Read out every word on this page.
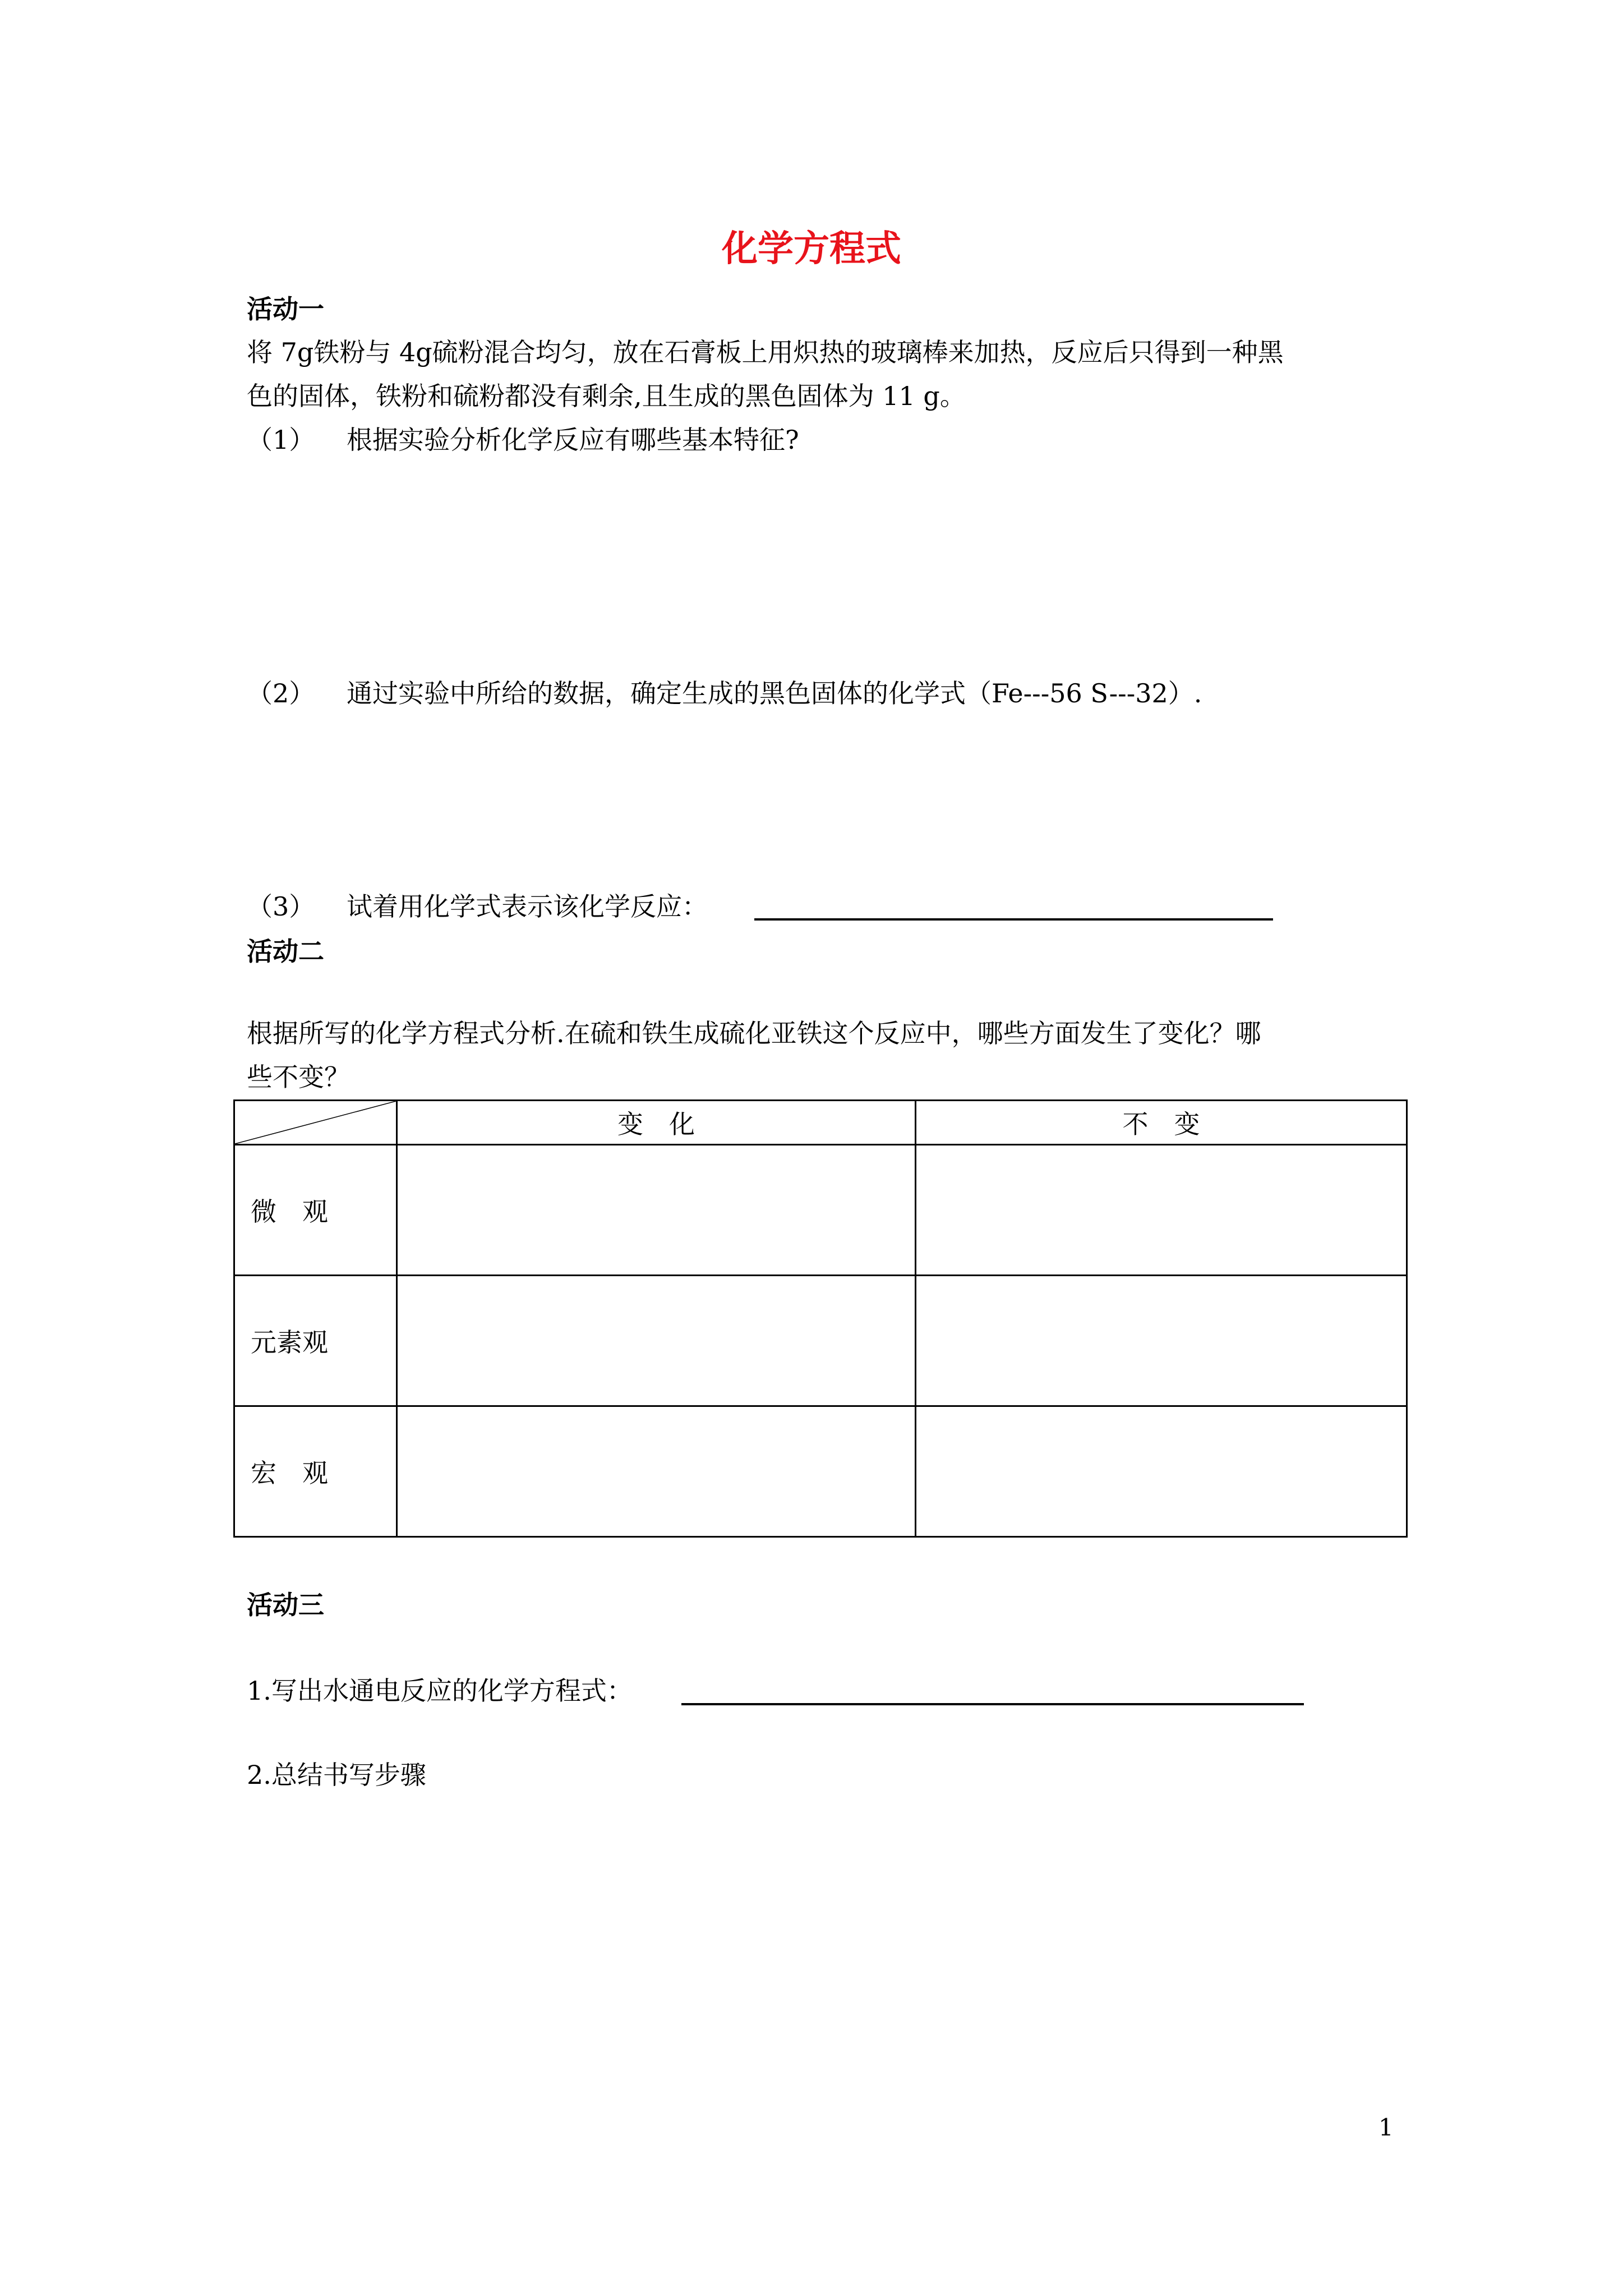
化学方程式
活动一
将 7g铁粉与 4g硫粉混合均匀，放在石膏板上用炽热的玻璃棒来加热，反应后只得到一种黑
色的固体，铁粉和硫粉都没有剩余,且生成的黑色固体为 11 g。
（1） 根据实验分析化学反应有哪些基本特征?
（2） 通过实验中所给的数据，确定生成的黑色固体的化学式（Fe---56 S---32）.
（3） 试着用化学式表示该化学反应：
活动二
根据所写的化学方程式分析.在硫和铁生成硫化亚铁这个反应中，哪些方面发生了变化？哪
些不变？
	变　化	不　变
微　观		
元素观		
宏　观		
活动三
1.写出水通电反应的化学方程式：
2.总结书写步骤
1
